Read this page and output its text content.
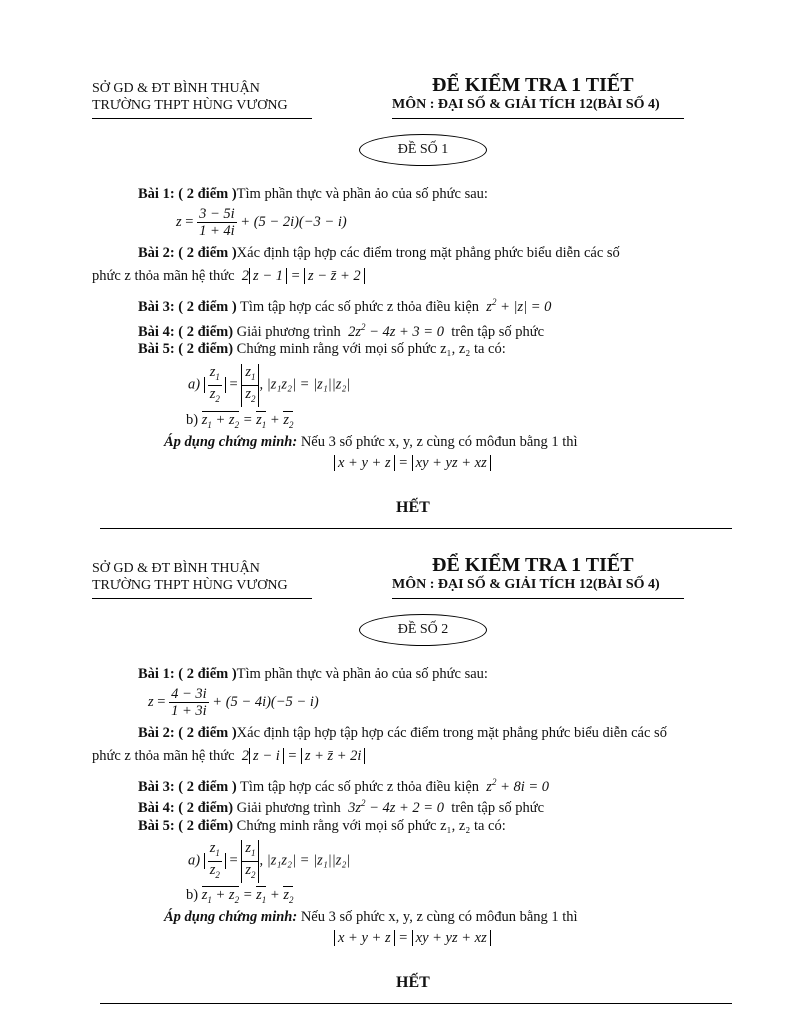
SỞ GD & ĐT BÌNH THUẬN
TRƯỜNG THPT HÙNG VƯƠNG
ĐỂ KIỂM TRA 1 TIẾT
MÔN : ĐẠI SỐ & GIẢI TÍCH 12(BÀI SỐ 4)
ĐỀ SỐ 1
Bài 1: ( 2 điểm )Tìm phần thực và phần ảo của số phức sau:
$z = \frac{3 - 5i}{1 + 4i} + (5 - 2i)(-3 - i)$
Bài 2: ( 2 điểm )Xác định tập hợp các điểm trong mặt phẳng phức biểu diễn các số
phức z thỏa mãn hệ thức 2 z − 1 = z − z̄ + 2
Bài 3: ( 2 điểm ) Tìm tập hợp các số phức z thỏa điều kiện $z^2 + |z| = 0$
Bài 4: ( 2 điểm) Giải phương trình $2z^2 - 4z + 3 = 0$ trên tập số phức
Bài 5: ( 2 điểm) Chứng minh rằng với mọi số phức z₁, z₂ ta có:
$a) \frac{z_1}{z_2} = \frac{z_1}{z_2}$ , |z₁z₂| = |z₁||z₂|
b) $z_1 + z_2 = z_1 + z_2$
Áp dụng chứng minh: Nếu 3 số phức x, y, z cùng có môđun bằng 1 thì
x + y + z = xy + yz + xz
HẾT
SỞ GD & ĐT BÌNH THUẬN
TRƯỜNG THPT HÙNG VƯƠNG
ĐỂ KIỂM TRA 1 TIẾT
MÔN : ĐẠI SỐ & GIẢI TÍCH 12(BÀI SỐ 4)
ĐỀ SỐ 2
Bài 1: ( 2 điểm )Tìm phần thực và phần ảo của số phức sau:
$z = \frac{4 - 3i}{1 + 3i} + (5 - 4i)(-5 - i)$
Bài 2: ( 2 điểm )Xác định tập hợp tập hợp các điểm trong mặt phẳng phức biểu diễn các số
phức z thỏa mãn hệ thức 2 z − i = z + z̄ + 2i
Bài 3: ( 2 điểm ) Tìm tập hợp các số phức z thỏa điều kiện $z^2 + 8i = 0$
Bài 4: ( 2 điểm) Giải phương trình $3z^2 - 4z + 2 = 0$ trên tập số phức
Bài 5: ( 2 điểm) Chứng minh rằng với mọi số phức z₁, z₂ ta có:
$a) \frac{z_1}{z_2} = \frac{z_1}{z_2}$ , |z₁z₂| = |z₁||z₂|
b) $z_1 + z_2 = z_1 + z_2$
Áp dụng chứng minh: Nếu 3 số phức x, y, z cùng có môđun bằng 1 thì
x + y + z = xy + yz + xz
HẾT
